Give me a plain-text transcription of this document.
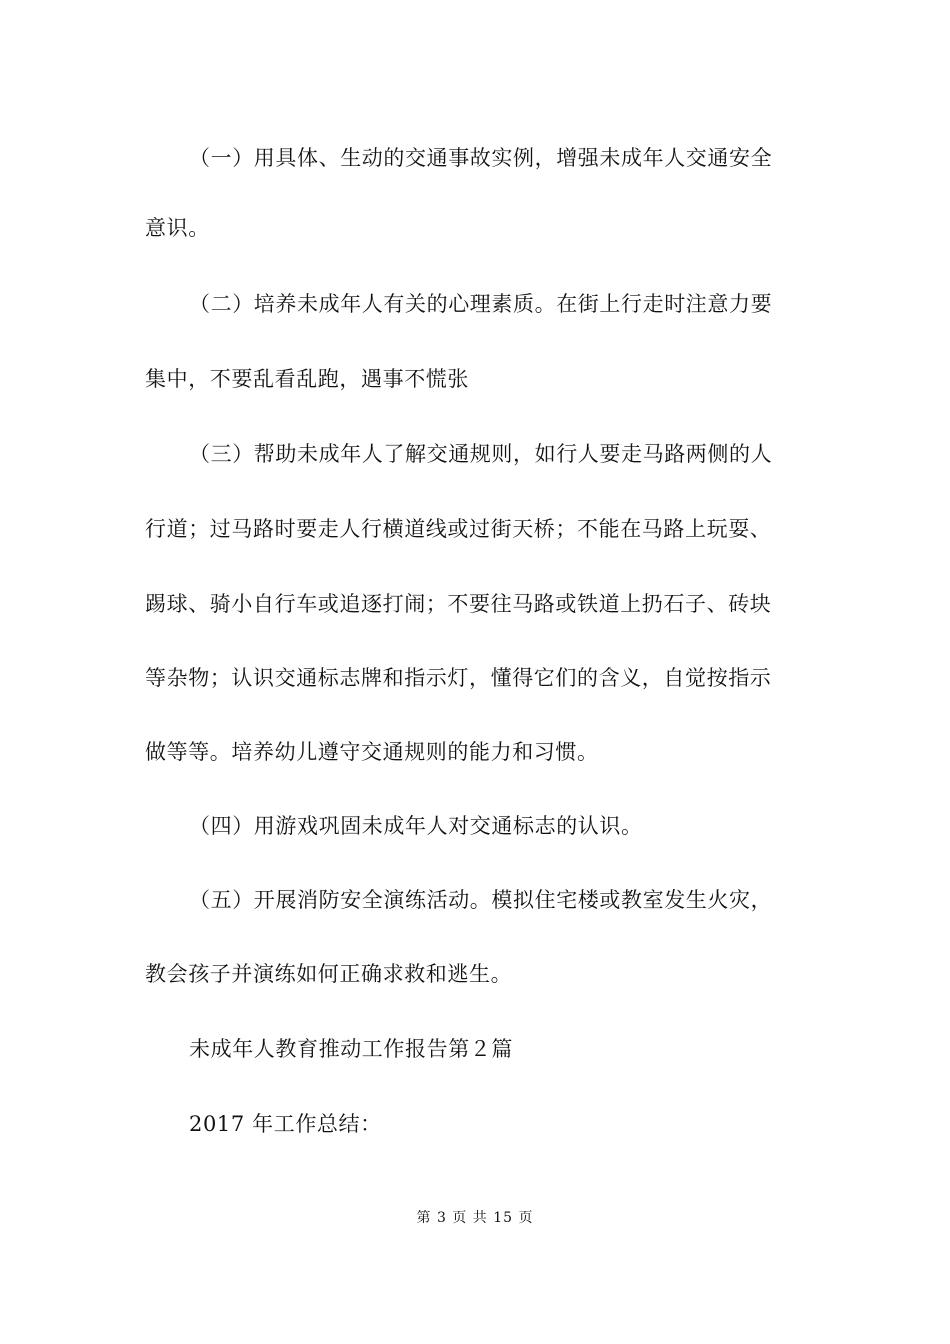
（一）用具体、生动的交通事故实例，增强未成年人交通安全
意识。
（二）培养未成年人有关的心理素质。在街上行走时注意力要
集中，不要乱看乱跑，遇事不慌张
（三）帮助未成年人了解交通规则，如行人要走马路两侧的人
行道；过马路时要走人行横道线或过街天桥；不能在马路上玩耍、
踢球、骑小自行车或追逐打闹；不要往马路或铁道上扔石子、砖块
等杂物；认识交通标志牌和指示灯，懂得它们的含义，自觉按指示
做等等。培养幼儿遵守交通规则的能力和习惯。
（四）用游戏巩固未成年人对交通标志的认识。
（五）开展消防安全演练活动。模拟住宅楼或教室发生火灾，
教会孩子并演练如何正确求救和逃生。
未成年人教育推动工作报告第２篇
2017 年工作总结：
第 3 页 共 15 页
